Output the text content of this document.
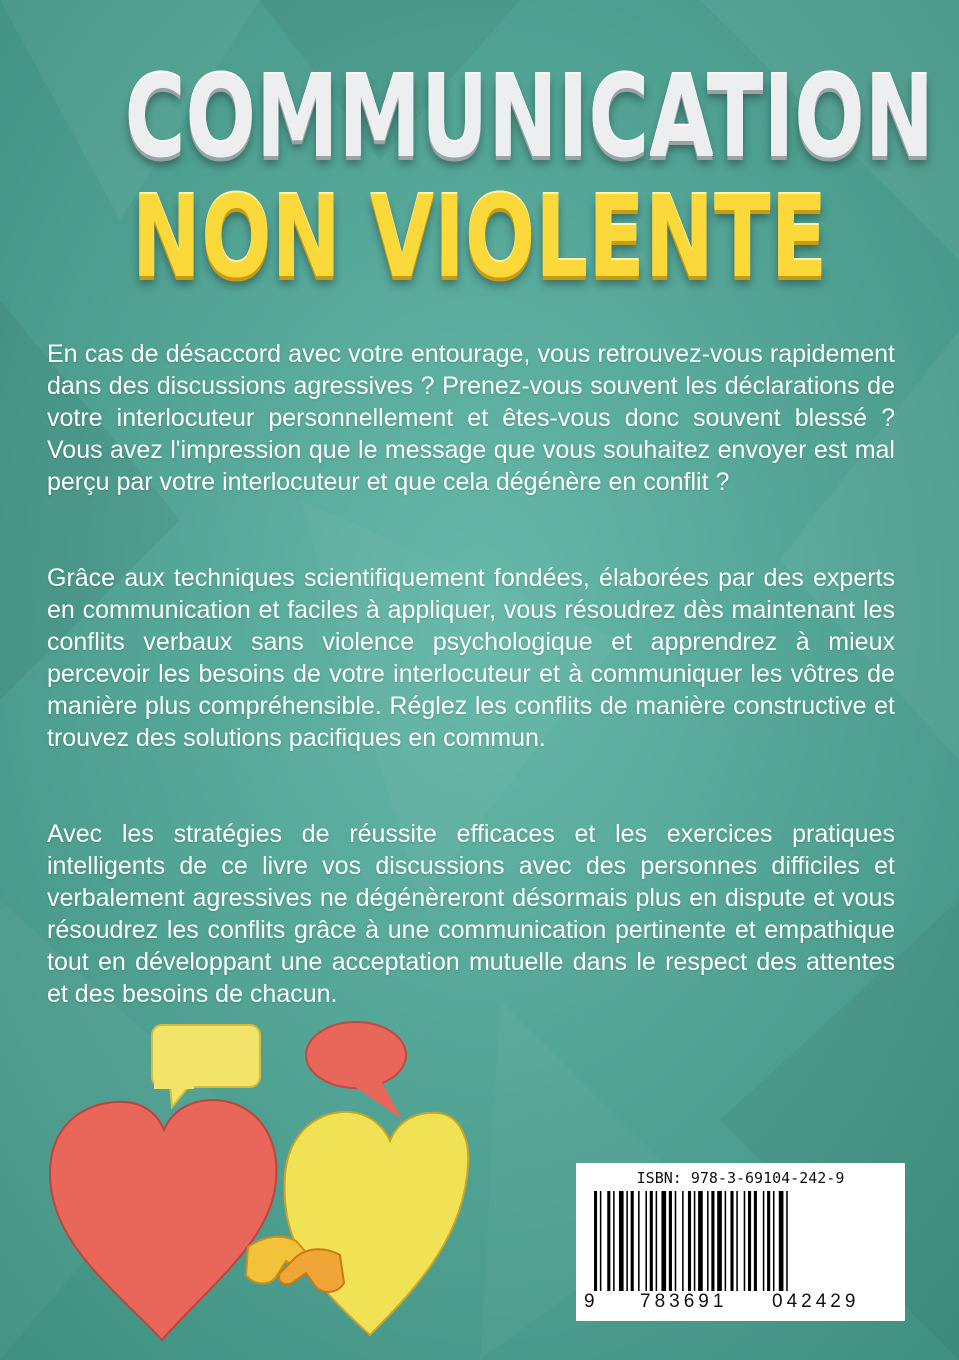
COMMUNICATION
NON VIOLENTE
En cas de désaccord avec votre entourage, vous retrouvez-vous rapidement dans des discussions agressives ? Prenez-vous souvent les déclarations de votre interlocuteur personnellement et êtes-vous donc souvent blessé ? Vous avez l'impression que le message que vous souhaitez envoyer est mal perçu par votre interlocuteur et que cela dégénère en conflit ?
Grâce aux techniques scientifiquement fondées, élaborées par des experts en communication et faciles à appliquer, vous résoudrez dès maintenant les conflits verbaux sans violence psychologique et apprendrez à mieux percevoir les besoins de votre interlocuteur et à communiquer les vôtres de manière plus compréhensible. Réglez les conflits de manière constructive et trouvez des solutions pacifiques en commun.
Avec les stratégies de réussite efficaces et les exercices pratiques intelligents de ce livre vos discussions avec des personnes difficiles et verbalement agressives ne dégénèreront désormais plus en dispute et vous résoudrez les conflits grâce à une communication pertinente et empathique tout en développant une acceptation mutuelle dans le respect des attentes et des besoins de chacun.
ISBN: 978-3-69104-242-9
9 783691 042429
